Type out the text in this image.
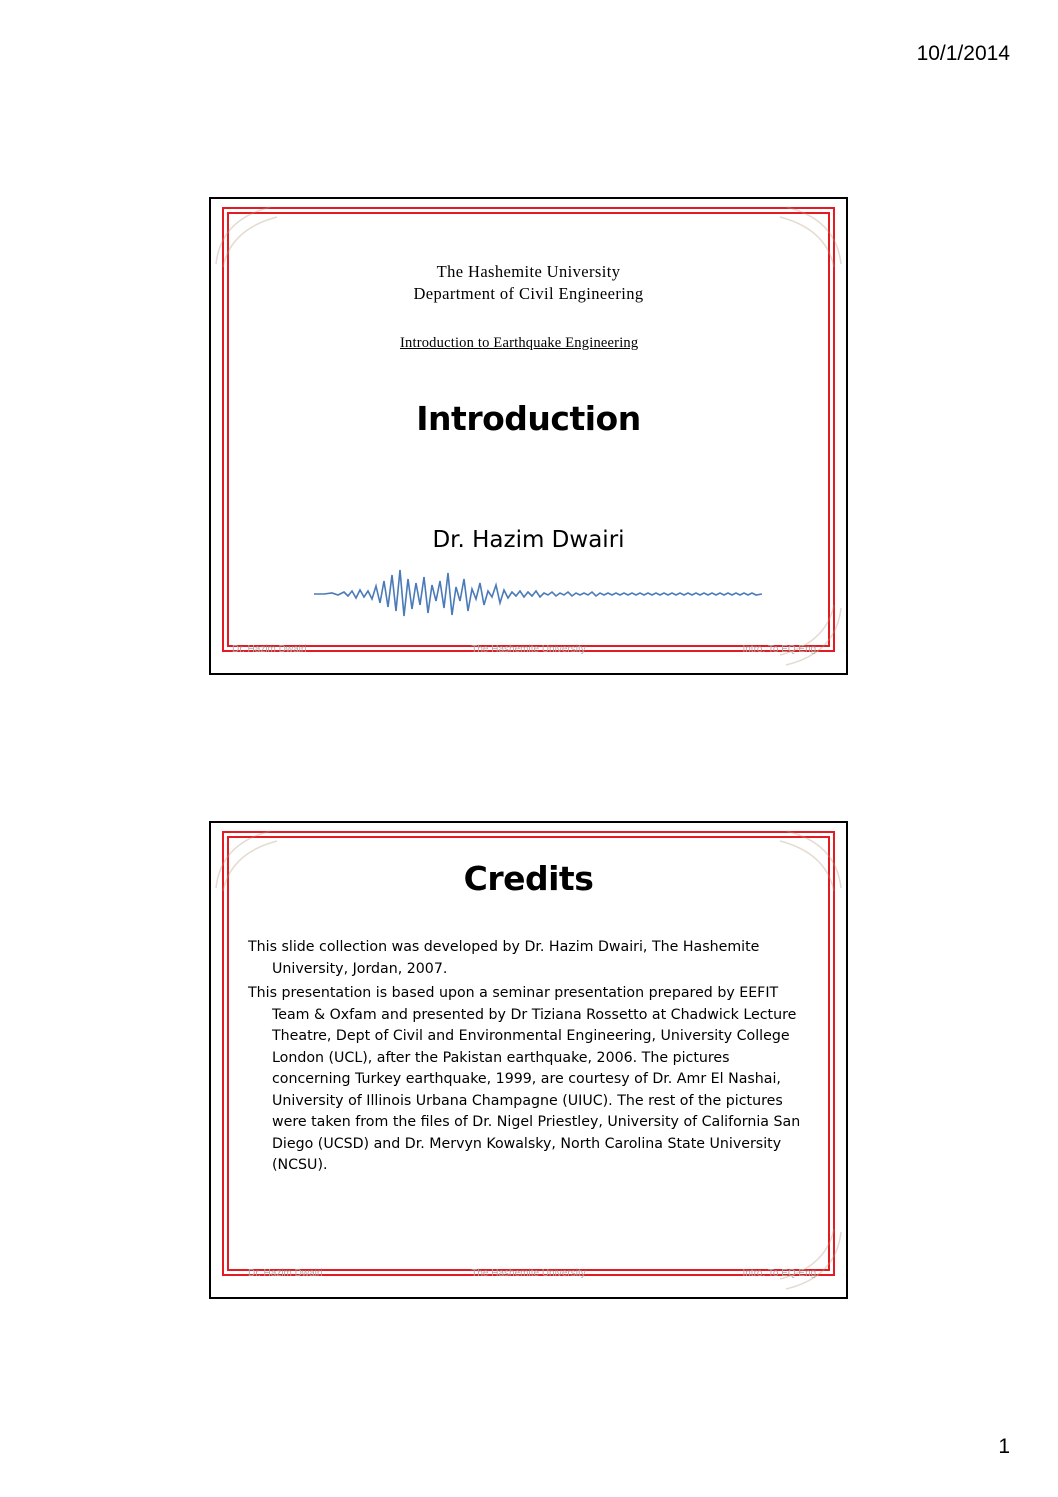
10/1/2014
The Hashemite University
Department of Civil Engineering
Introduction to Earthquake Engineering
Introduction
Dr. Hazim Dwairi
Dr. Hazim Dwairi	The Hashemite University	Intro. To EQ Eng.
Credits

This slide collection was developed by Dr. Hazim Dwairi, The Hashemite University, Jordan, 2007.

This presentation is based upon a seminar presentation prepared by EEFIT Team & Oxfam and presented by Dr Tiziana Rossetto at Chadwick Lecture Theatre, Dept of Civil and Environmental Engineering, University College London (UCL), after the Pakistan earthquake, 2006. The pictures concerning Turkey earthquake, 1999, are courtesy of Dr. Amr El Nashai, University of Illinois Urbana Champagne (UIUC). The rest of the pictures were taken from the files of Dr. Nigel Priestley, University of California San Diego (UCSD) and Dr. Mervyn Kowalsky, North Carolina State University (NCSU).

Dr. Hazim Dwairi	The Hashemite University	Intro. To EQ Eng.
1
